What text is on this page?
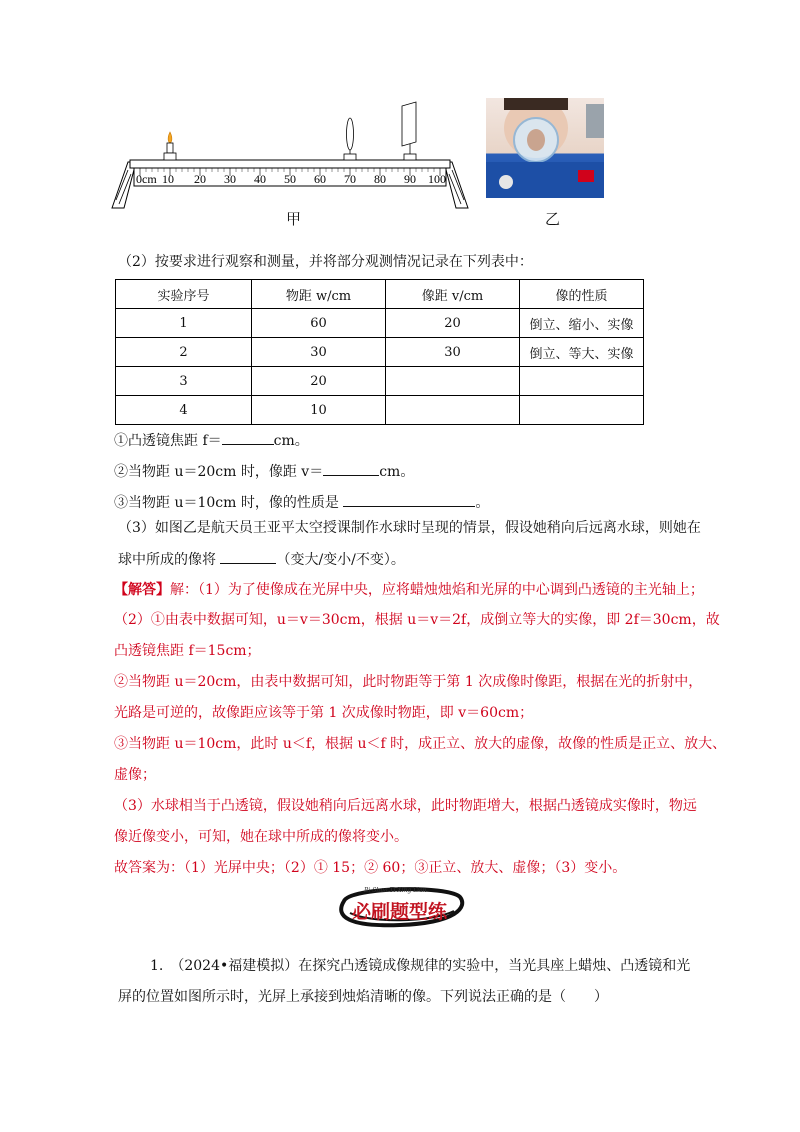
0cm 10 20 30 40 50 60 70 80 90 100
甲	乙
（2）按要求进行观察和测量，并将部分观测情况记录在下列表中：
实验序号	物距 w/cm	像距 v/cm	像的性质
1	60	20	倒立、缩小、实像
2	30	30	倒立、等大、实像
3	20		
4	10		
①凸透镜焦距 f＝	cm。
②当物距 u＝20cm 时，像距 v＝	cm。
③当物距 u＝10cm 时，像的性质是	。
（3）如图乙是航天员王亚平太空授课制作水球时呈现的情景，假设她稍向后远离水球，则她在
球中所成的像将	（变大/变小/不变）。
【解答】解：（1）为了使像成在光屏中央，应将蜡烛烛焰和光屏的中心调到凸透镜的主光轴上；
（2）①由表中数据可知，u＝v＝30cm，根据 u＝v＝2f，成倒立等大的实像，即 2f＝30cm，故
凸透镜焦距 f＝15cm；
②当物距 u＝20cm，由表中数据可知，此时物距等于第 1 次成像时像距，根据在光的折射中，
光路是可逆的，故像距应该等于第 1 次成像时物距，即 v＝60cm；
③当物距 u＝10cm，此时 u＜f，根据 u＜f 时，成正立、放大的虚像，故像的性质是正立、放大、
虚像；
（3）水球相当于凸透镜，假设她稍向后远离水球，此时物距增大，根据凸透镜成实像时，物远
像近像变小，可知，她在球中所成的像将变小。
故答案为：（1）光屏中央；（2）① 15；② 60；③正立、放大、虚像；（3）变小。
Bi Shua Ti Xing Lian
必刷题型练
1.　（2024•福建模拟）在探究凸透镜成像规律的实验中，当光具座上蜡烛、凸透镜和光
屏的位置如图所示时，光屏上承接到烛焰清晰的像。下列说法正确的是（　　）
